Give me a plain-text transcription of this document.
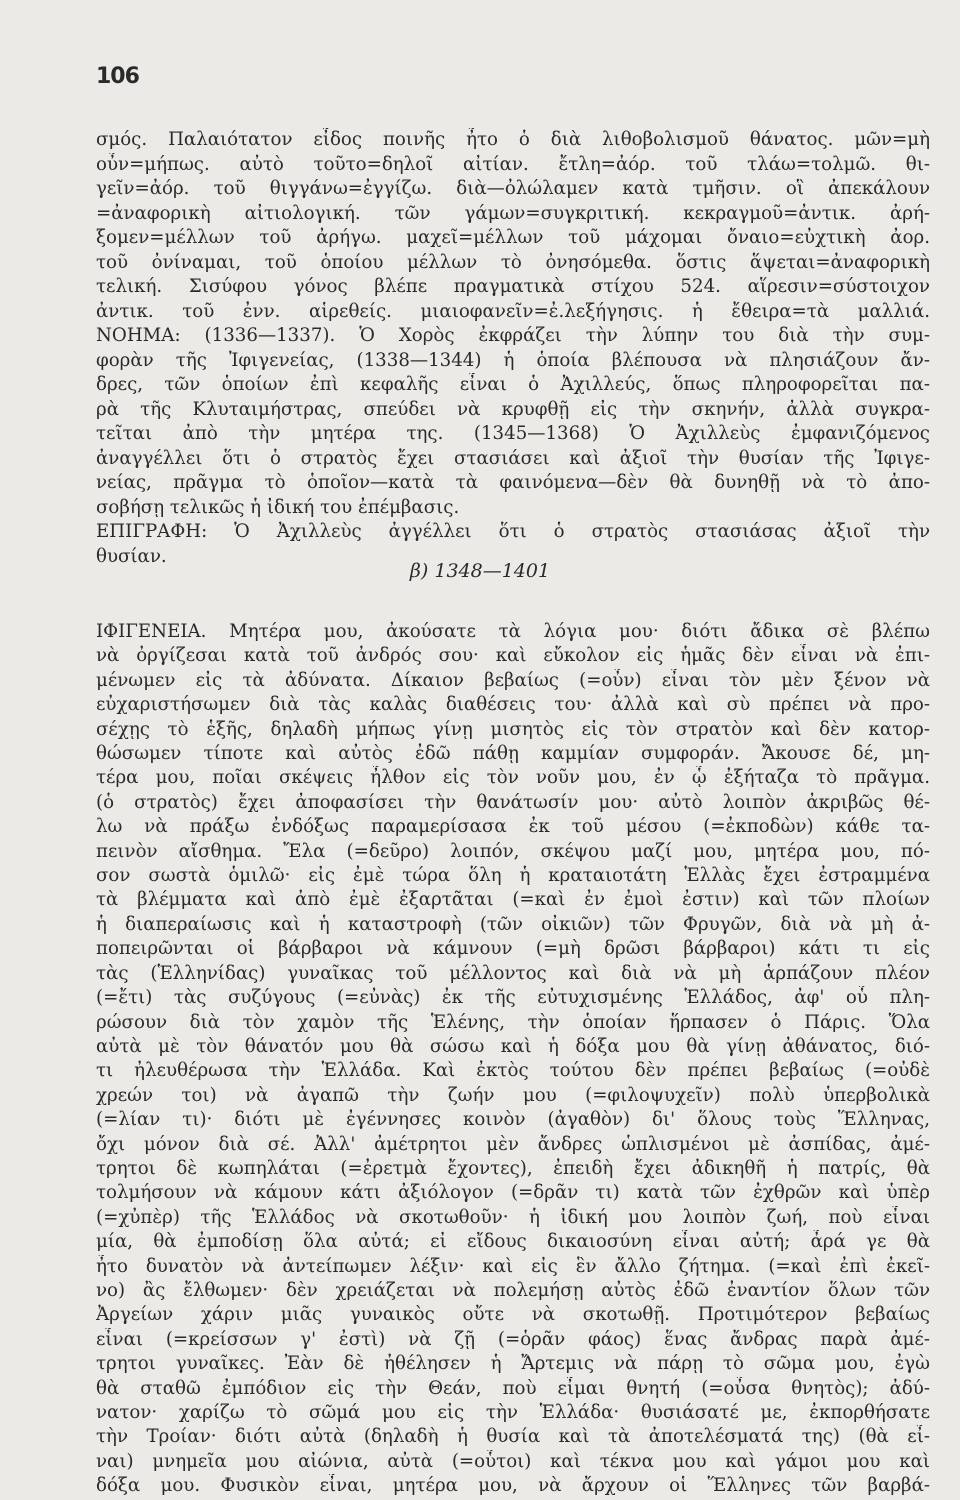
106

σμός. Παλαιότατον εἶδος ποινῆς ἦτο ὁ διὰ λιθοβολισμοῦ θάνατος. μῶν=μὴ

οὖν=μήπως. αὐτὸ τοῦτο=δηλοῖ αἰτίαν. ἔτλη=ἀόρ. τοῦ τλάω=τολμῶ. θι-

γεῖν=ἀόρ. τοῦ θιγγάνω=ἐγγίζω. διὰ—ὀλώλαμεν κατὰ τμῆσιν. οἳ ἀπεκάλουν

=ἀναφορικὴ αἰτιολογική. τῶν γάμων=συγκριτική. κεκραγμοῦ=ἀντικ. ἀρή-

ξομεν=μέλλων τοῦ ἀρήγω. μαχεῖ=μέλλων τοῦ μάχομαι ὄναιο=εὐχτικὴ ἀορ.

τοῦ ὀνίναμαι, τοῦ ὁποίου μέλλων τὸ ὀνησόμεθα. ὅστις ἅψεται=ἀναφορικὴ

τελική. Σισύφου γόνος βλέπε πραγματικὰ στίχου 524. αἵρεσιν=σύστοιχον

ἀντικ. τοῦ ἐνν. αἱρεθείς. μιαιοφανεῖν=ἐ.λεξήγησις. ἡ ἔθειρα=τὰ μαλλιά.

ΝΟΗΜΑ: (1336—1337). Ὁ Χορὸς ἐκφράζει τὴν λύπην του διὰ τὴν συμ-

φορὰν τῆς Ἰφιγενείας, (1338—1344) ἡ ὁποία βλέπουσα νὰ πλησιάζουν ἄν-

δρες, τῶν ὁποίων ἐπὶ κεφαλῆς εἶναι ὁ Ἀχιλλεύς, ὅπως πληροφορεῖται πα-

ρὰ τῆς Κλυταιμήστρας, σπεύδει νὰ κρυφθῇ εἰς τὴν σκηνήν, ἀλλὰ συγκρα-

τεῖται ἀπὸ τὴν μητέρα της. (1345—1368) Ὁ Ἀχιλλεὺς ἐμφανιζόμενος

ἀναγγέλλει ὅτι ὁ στρατὸς ἔχει στασιάσει καὶ ἀξιοῖ τὴν θυσίαν τῆς Ἰφιγε-

νείας, πρᾶγμα τὸ ὁποῖον—κατὰ τὰ φαινόμενα—δὲν θὰ δυνηθῇ νὰ τὸ ἀπο-

σοβήσῃ τελικῶς ἡ ἰδική του ἐπέμβασις.

ΕΠΙΓΡΑΦΗ: Ὁ Ἀχιλλεὺς ἀγγέλλει ὅτι ὁ στρατὸς στασιάσας ἀξιοῖ τὴν

θυσίαν.

β) 1348—1401

ΙΦΙΓΕΝΕΙΑ. Μητέρα μου, ἀκούσατε τὰ λόγια μου· διότι ἄδικα σὲ βλέπω

νὰ ὀργίζεσαι κατὰ τοῦ ἀνδρός σου· καὶ εὔκολον εἰς ἡμᾶς δὲν εἶναι νὰ ἐπι-

μένωμεν εἰς τὰ ἀδύνατα. Δίκαιον βεβαίως (=οὖν) εἶναι τὸν μὲν ξένον νὰ

εὐχαριστήσωμεν διὰ τὰς καλὰς διαθέσεις του· ἀλλὰ καὶ σὺ πρέπει νὰ προ-

σέχῃς τὸ ἑξῆς, δηλαδὴ μήπως γίνῃ μισητὸς εἰς τὸν στρατὸν καὶ δὲν κατορ-

θώσωμεν τίποτε καὶ αὐτὸς ἐδῶ πάθῃ καμμίαν συμφοράν. Ἄκουσε δέ, μη-

τέρα μου, ποῖαι σκέψεις ἦλθον εἰς τὸν νοῦν μου, ἐν ᾧ ἐξήταζα τὸ πρᾶγμα.

(ὁ στρατὸς) ἔχει ἀποφασίσει τὴν θανάτωσίν μου· αὐτὸ λοιπὸν ἀκριβῶς θέ-

λω νὰ πράξω ἐνδόξως παραμερίσασα ἐκ τοῦ μέσου (=ἐκποδὼν) κάθε τα-

πεινὸν αἴσθημα. Ἔλα (=δεῦρο) λοιπόν, σκέψου μαζί μου, μητέρα μου, πό-

σον σωστὰ ὁμιλῶ· εἰς ἐμὲ τώρα ὅλη ἡ κραταιοτάτη Ἑλλὰς ἔχει ἐστραμμένα

τὰ βλέμματα καὶ ἀπὸ ἐμὲ ἐξαρτᾶται (=καὶ ἐν ἐμοὶ ἐστιν) καὶ τῶν πλοίων

ἡ διαπεραίωσις καὶ ἡ καταστροφὴ (τῶν οἰκιῶν) τῶν Φρυγῶν, διὰ νὰ μὴ ἀ-

ποπειρῶνται οἱ βάρβαροι νὰ κάμνουν (=μὴ δρῶσι βάρβαροι) κάτι τι εἰς

τὰς (Ἑλληνίδας) γυναῖκας τοῦ μέλλοντος καὶ διὰ νὰ μὴ ἁρπάζουν πλέον

(=ἔτι) τὰς συζύγους (=εὐνὰς) ἐκ τῆς εὐτυχισμένης Ἑλλάδος, ἀφ' οὗ πλη-

ρώσουν διὰ τὸν χαμὸν τῆς Ἑλένης, τὴν ὁποίαν ἥρπασεν ὁ Πάρις. Ὅλα

αὐτὰ μὲ τὸν θάνατόν μου θὰ σώσω καὶ ἡ δόξα μου θὰ γίνῃ ἀθάνατος, διό-

τι ἠλευθέρωσα τὴν Ἑλλάδα. Καὶ ἐκτὸς τούτου δὲν πρέπει βεβαίως (=οὐδὲ

χρεών τοι) νὰ ἀγαπῶ τὴν ζωήν μου (=φιλοψυχεῖν) πολὺ ὑπερβολικὰ

(=λίαν τι)· διότι μὲ ἐγέννησες κοινὸν (ἀγαθὸν) δι' ὅλους τοὺς Ἕλληνας,

ὄχι μόνον διὰ σέ. Ἀλλ' ἀμέτρητοι μὲν ἄνδρες ὡπλισμένοι μὲ ἀσπίδας, ἀμέ-

τρητοι δὲ κωπηλάται (=ἐρετμὰ ἔχοντες), ἐπειδὴ ἔχει ἀδικηθῆ ἡ πατρίς, θὰ

τολμήσουν νὰ κάμουν κάτι ἀξιόλογον (=δρᾶν τι) κατὰ τῶν ἐχθρῶν καὶ ὑπὲρ

(=χὐπὲρ) τῆς Ἑλλάδος νὰ σκοτωθοῦν· ἡ ἰδική μου λοιπὸν ζωή, ποὺ εἶναι

μία, θὰ ἐμποδίσῃ ὅλα αὐτά; εἰ εἴδους δικαιοσύνη εἶναι αὐτή; ἆρά γε θὰ

ἦτο δυνατὸν νὰ ἀντείπωμεν λέξιν· καὶ εἰς ἓν ἄλλο ζήτημα. (=καὶ ἐπὶ ἐκεῖ-

νο) ἂς ἔλθωμεν· δὲν χρειάζεται νὰ πολεμήσῃ αὐτὸς ἐδῶ ἐναντίον ὅλων τῶν

Ἀργείων χάριν μιᾶς γυναικὸς οὔτε νὰ σκοτωθῇ. Προτιμότερον βεβαίως

εἶναι (=κρείσσων γ' ἐστὶ) νὰ ζῇ (=ὁρᾶν φάος) ἕνας ἄνδρας παρὰ ἀμέ-

τρητοι γυναῖκες. Ἐὰν δὲ ἠθέλησεν ἡ Ἄρτεμις νὰ πάρῃ τὸ σῶμα μου, ἐγὼ

θὰ σταθῶ ἐμπόδιον εἰς τὴν Θεάν, ποὺ εἶμαι θνητή (=οὖσα θνητὸς); ἀδύ-

νατον· χαρίζω τὸ σῶμά μου εἰς τὴν Ἑλλάδα· θυσιάσατέ με, ἐκπορθήσατε

τὴν Τροίαν· διότι αὐτὰ (δηλαδὴ ἡ θυσία καὶ τὰ ἀποτελέσματά της) (θὰ εἶ-

ναι) μνημεῖα μου αἰώνια, αὐτὰ (=οὗτοι) καὶ τέκνα μου καὶ γάμοι μου καὶ

δόξα μου. Φυσικὸν εἶναι, μητέρα μου, νὰ ἄρχουν οἱ Ἕλληνες τῶν βαρβά-
